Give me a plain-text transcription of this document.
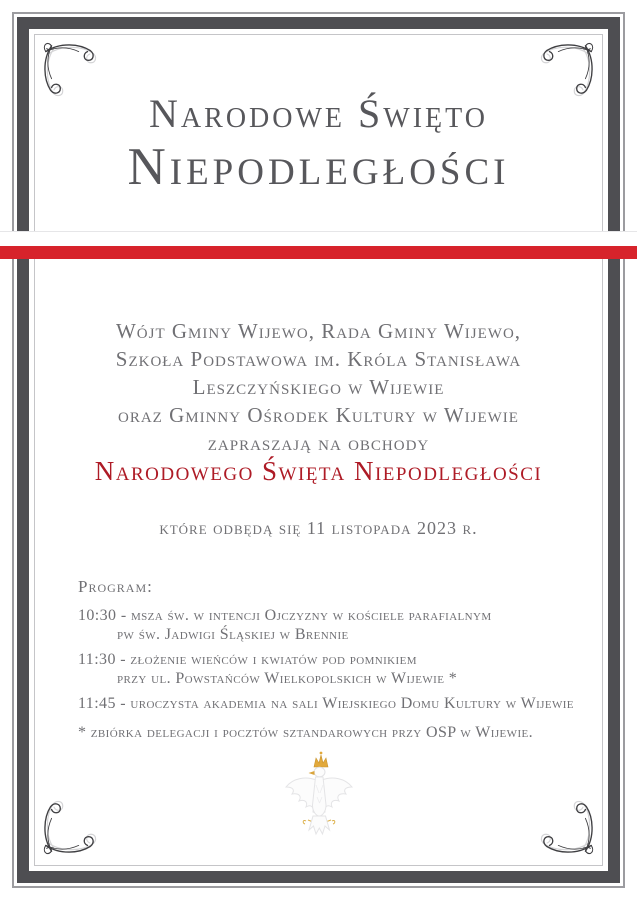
Narodowe Święto
Niepodległości
Wójt Gminy Wijewo, Rada Gminy Wijewo,
Szkoła Podstawowa im. Króla Stanisława
Leszczyńskiego w Wijewie
oraz Gminny Ośrodek Kultury w Wijewie
zapraszają na obchody
Narodowego Święta Niepodległości
które odbędą się 11 listopada 2023 r.
Program:
10:30 - msza św. w intencji Ojczyzny w kościele parafialnym
pw św. Jadwigi Śląskiej w Brennie
11:30 - złożenie wieńców i kwiatów pod pomnikiem
przy ul. Powstańców Wielkopolskich w Wijewie *
11:45 - uroczysta akademia na sali Wiejskiego Domu Kultury w Wijewie
* zbiórka delegacji i pocztów sztandarowych przy OSP w Wijewie.
